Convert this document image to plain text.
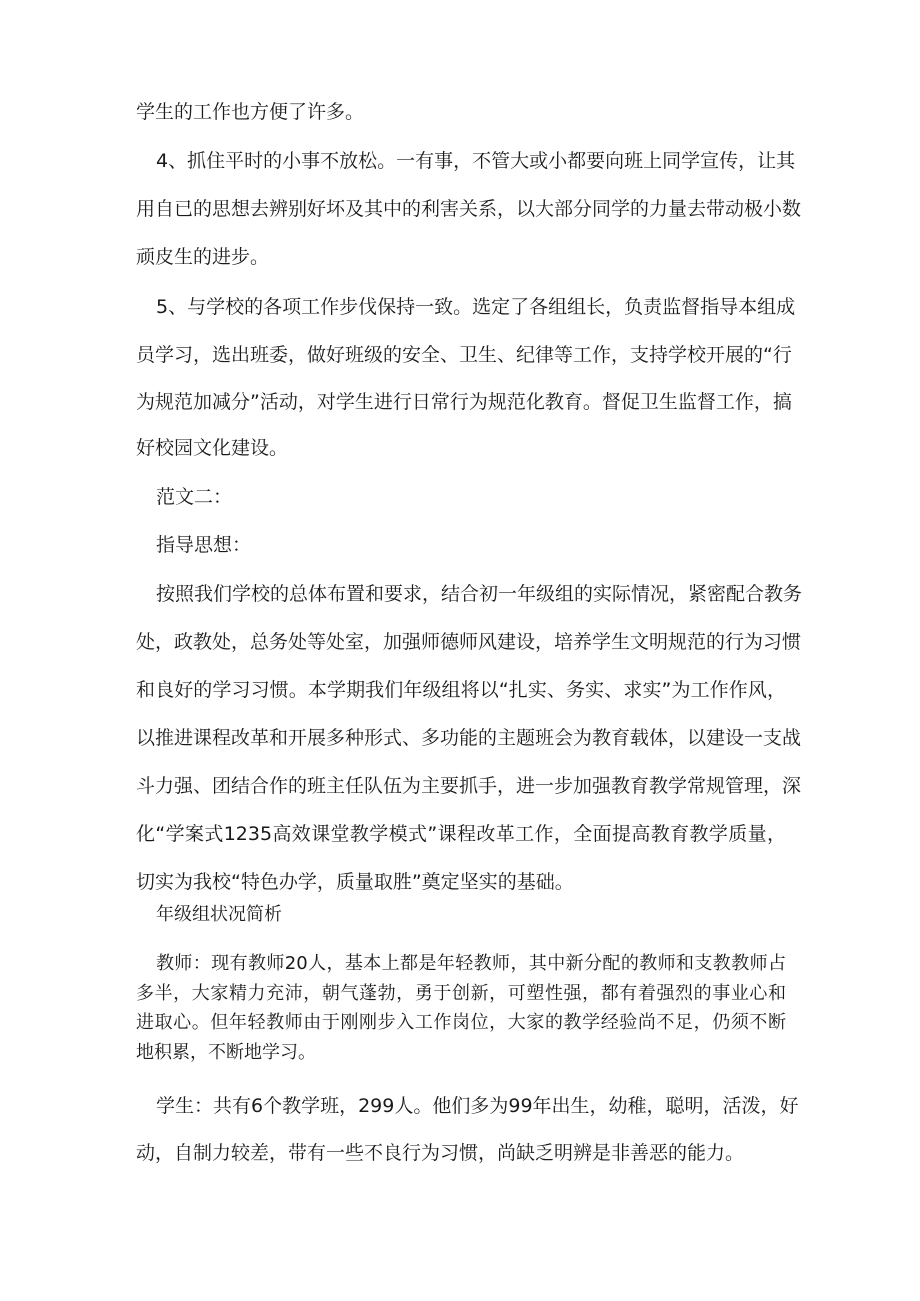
学生的工作也方便了许多。
4、抓住平时的小事不放松。一有事，不管大或小都要向班上同学宣传，让其
用自已的思想去辨别好坏及其中的利害关系，以大部分同学的力量去带动极小数
顽皮生的进步。
5、与学校的各项工作步伐保持一致。选定了各组组长，负责监督指导本组成
员学习，选出班委，做好班级的安全、卫生、纪律等工作，支持学校开展的“行
为规范加减分”活动，对学生进行日常行为规范化教育。督促卫生监督工作，搞
好校园文化建设。
范文二：
指导思想：
按照我们学校的总体布置和要求，结合初一年级组的实际情况，紧密配合教务
处，政教处，总务处等处室，加强师德师风建设，培养学生文明规范的行为习惯
和良好的学习习惯。本学期我们年级组将以“扎实、务实、求实”为工作作风，
以推进课程改革和开展多种形式、多功能的主题班会为教育载体，以建设一支战
斗力强、团结合作的班主任队伍为主要抓手，进一步加强教育教学常规管理，深
化“学案式1235高效课堂教学模式”课程改革工作，全面提高教育教学质量，
切实为我校“特色办学，质量取胜”奠定坚实的基础。
年级组状况简析
教师：现有教师20人，基本上都是年轻教师，其中新分配的教师和支教教师占
多半，大家精力充沛，朝气蓬勃，勇于创新，可塑性强，都有着强烈的事业心和
进取心。但年轻教师由于刚刚步入工作岗位，大家的教学经验尚不足，仍须不断
地积累，不断地学习。
学生：共有6个教学班，299人。他们多为99年出生，幼稚，聪明，活泼，好
动，自制力较差，带有一些不良行为习惯，尚缺乏明辨是非善恶的能力。
